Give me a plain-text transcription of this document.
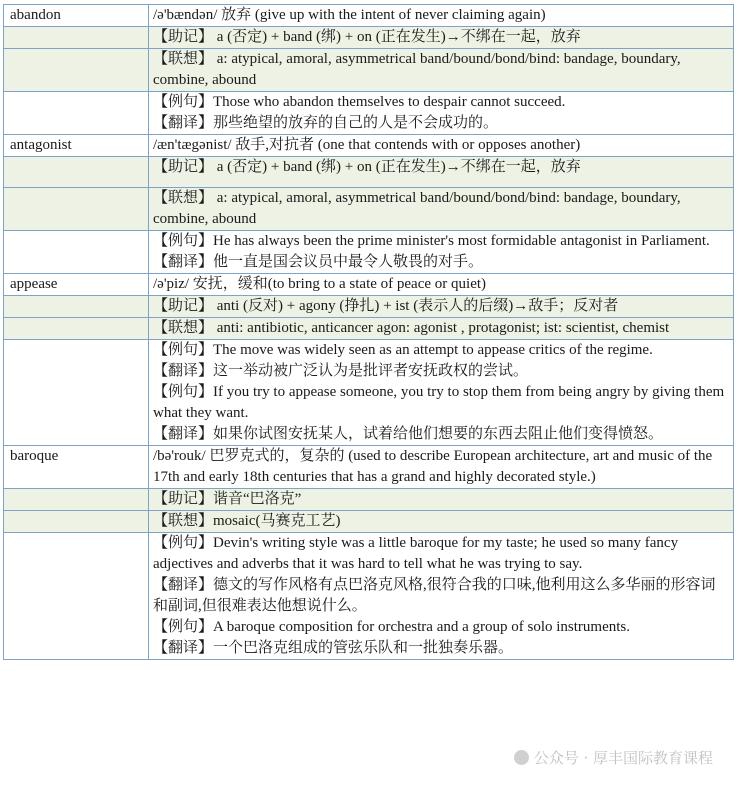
abandon	/ə'bændən/ 放弃 (give up with the intent of never claiming again)
	【助记】 a (否定) + band (绑) + on (正在发生)→不绑在一起，放弃
	【联想】 a: atypical, amoral, asymmetrical band/bound/bond/bind: bandage, boundary, combine, abound

	【例句】Those who abandon themselves to despair cannot succeed.
【翻译】那些绝望的放弃的自己的人是不会成功的。

antagonist	/æn'tægənist/ 敌手,对抗者 (one that contends with or opposes another)
	【助记】 a (否定) + band (绑) + on (正在发生)→不绑在一起，放弃
	【联想】 a: atypical, amoral, asymmetrical band/bound/bond/bind: bandage, boundary, combine, abound

	【例句】He has always been the prime minister's most formidable antagonist in Parliament.
【翻译】他一直是国会议员中最令人敬畏的对手。

appease	/ə'piz/ 安抚，缓和(to bring to a state of peace or quiet)
	【助记】 anti (反对) + agony (挣扎) + ist (表示人的后缀)→敌手；反对者
	【联想】 anti: antibiotic, anticancer agon: agonist , protagonist; ist: scientist, chemist

	【例句】The move was widely seen as an attempt to appease critics of the regime.
【翻译】这一举动被广泛认为是批评者安抚政权的尝试。
【例句】If you try to appease someone, you try to stop them from being angry by giving them what they want.
【翻译】如果你试图安抚某人，试着给他们想要的东西去阻止他们变得愤怒。

baroque	/bə'rouk/ 巴罗克式的，复杂的 (used to describe European architecture, art and music of the 17th and early 18th centuries that has a grand and highly decorated style.)
	【助记】谐音“巴洛克”
	【联想】mosaic(马赛克工艺)

	【例句】Devin's writing style was a little baroque for my taste; he used so many fancy adjectives and adverbs that it was hard to tell what he was trying to say.
【翻译】德文的写作风格有点巴洛克风格,很符合我的口味,他利用这么多华丽的形容词和副词,但很难表达他想说什么。
【例句】A baroque composition for orchestra and a group of solo instruments.
【翻译】一个巴洛克组成的管弦乐队和一批独奏乐器。
公众号 · 厚丰国际教育课程
